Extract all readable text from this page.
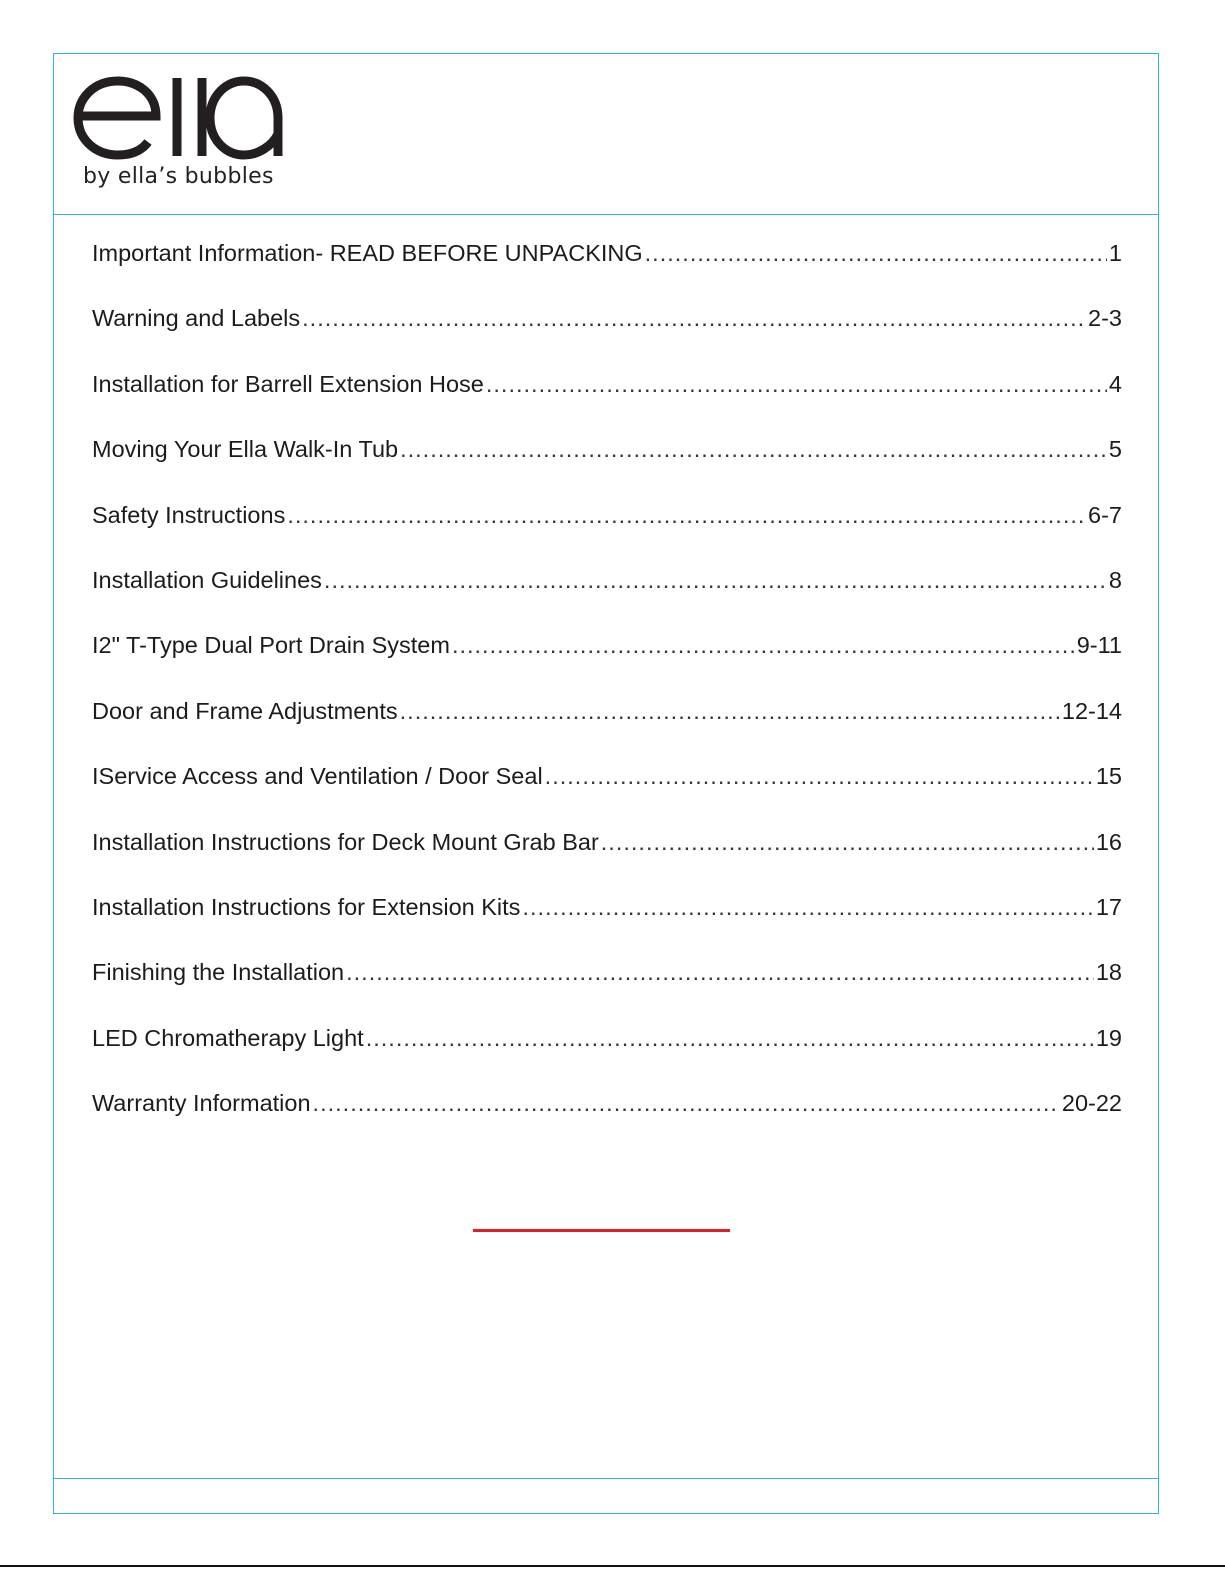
by ella’s bubbles
Important Information- READ BEFORE UNPACKING .....	1
Warning and Labels .....	2-3
Installation for Barrell Extension Hose .....	4
Moving Your Ella Walk-In Tub .....	5
Safety Instructions .....	6-7
Installation Guidelines .....	8
I2" T-Type Dual Port Drain System .....	9-11
Door and Frame Adjustments .....	12-14
IService Access and Ventilation / Door Seal .....	15
Installation Instructions for Deck Mount Grab Bar .....	16
Installation Instructions for Extension Kits .....	17
Finishing the Installation .....	18
LED Chromatherapy Light .....	19
Warranty Information .....	20-22
